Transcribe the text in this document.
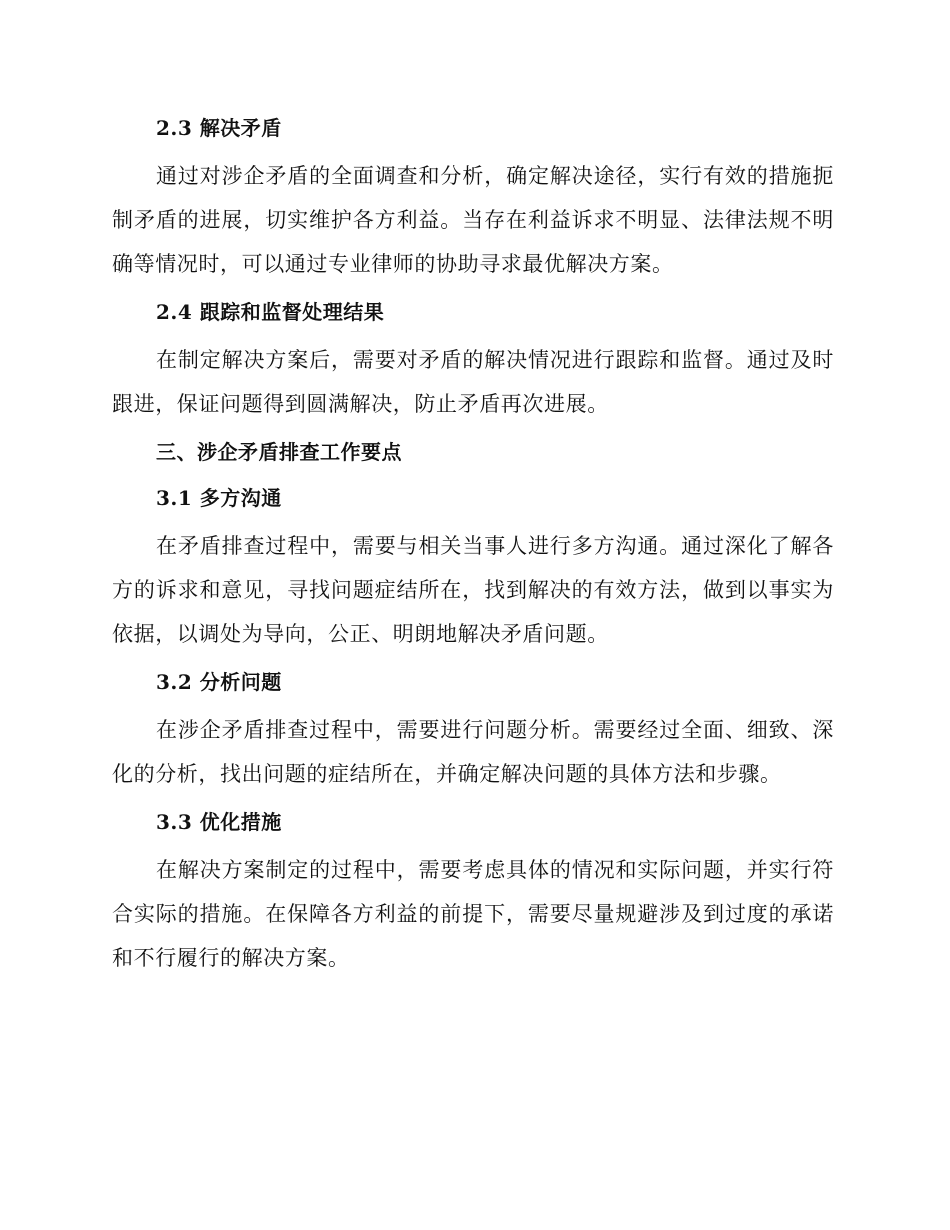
2.3 解决矛盾

通过对涉企矛盾的全面调查和分析，确定解决途径，实行有效的措施扼制矛盾的进展，切实维护各方利益。当存在利益诉求不明显、法律法规不明确等情况时，可以通过专业律师的协助寻求最优解决方案。

2.4 跟踪和监督处理结果

在制定解决方案后，需要对矛盾的解决情况进行跟踪和监督。通过及时跟进，保证问题得到圆满解决，防止矛盾再次进展。

三、涉企矛盾排查工作要点
3.1 多方沟通

在矛盾排查过程中，需要与相关当事人进行多方沟通。通过深化了解各方的诉求和意见，寻找问题症结所在，找到解决的有效方法，做到以事实为依据，以调处为导向，公正、明朗地解决矛盾问题。

3.2 分析问题

在涉企矛盾排查过程中，需要进行问题分析。需要经过全面、细致、深化的分析，找出问题的症结所在，并确定解决问题的具体方法和步骤。

3.3 优化措施

在解决方案制定的过程中，需要考虑具体的情况和实际问题，并实行符合实际的措施。在保障各方利益的前提下，需要尽量规避涉及到过度的承诺和不行履行的解决方案。
